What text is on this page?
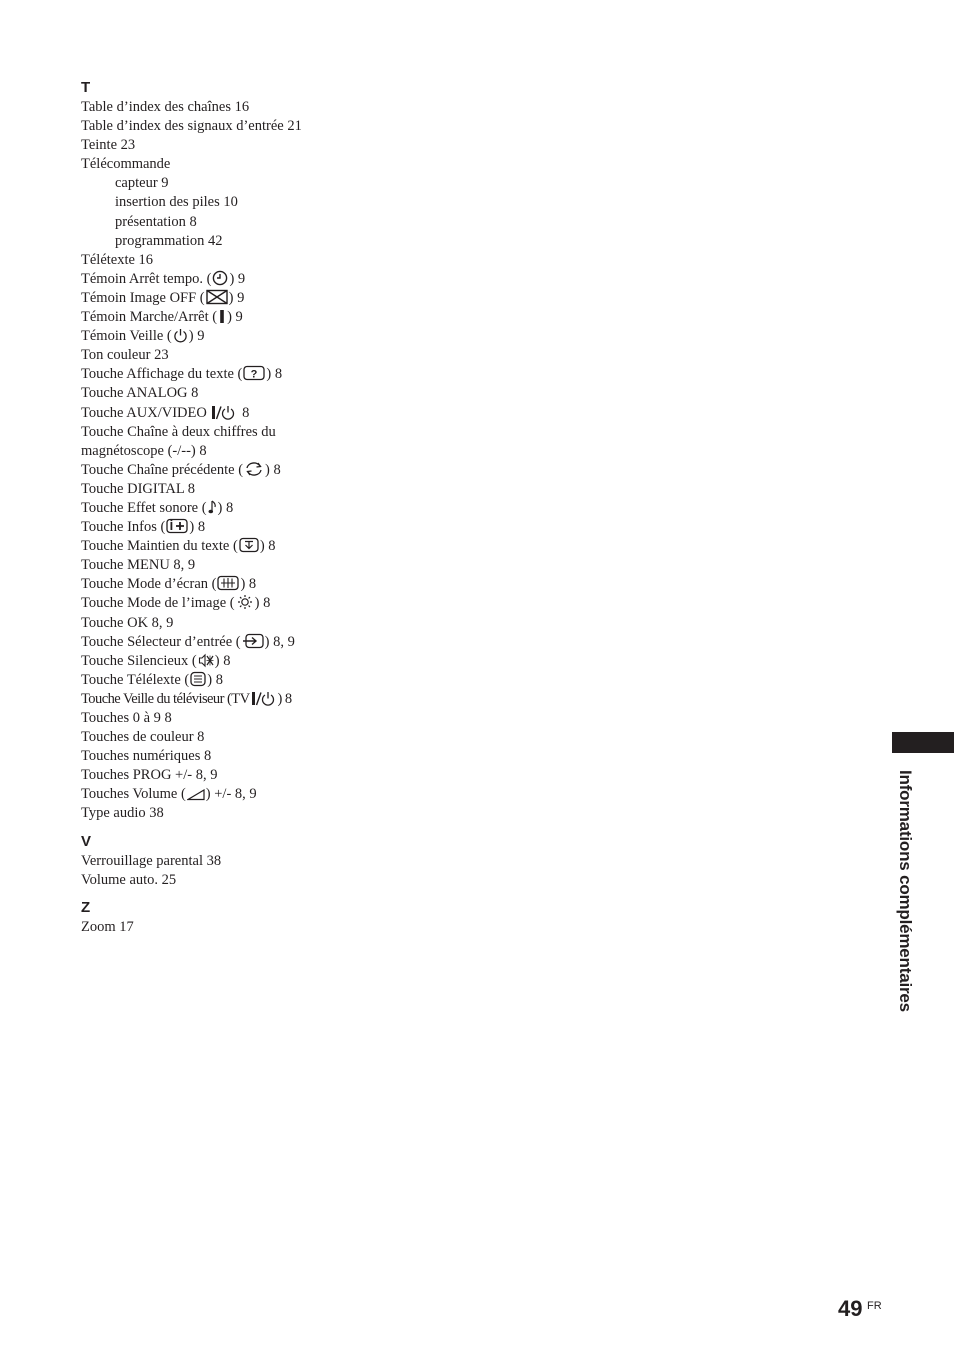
T
Table d’index des chaînes 16
Table d’index des signaux d’entrée 21
Teinte 23
Télécommande
capteur 9
insertion des piles 10
présentation 8
programmation 42
Télétexte 16
Témoin Arrêt tempo. ( ) 9
Témoin Image OFF ( ) 9
Témoin Marche/Arrêt ( ) 9
Témoin Veille ( ) 9
Ton couleur 23
Touche Affichage du texte ( ? ) 8
Touche ANALOG 8
Touche AUX/VIDEO 8
Touche Chaîne à deux chiffres du magnétoscope (-/--) 8
Touche Chaîne précédente ( ) 8
Touche DIGITAL 8
Touche Effet sonore ( ) 8
Touche Infos ( ) 8
Touche Maintien du texte ( ) 8
Touche MENU 8, 9
Touche Mode d’écran ( ) 8
Touche Mode de l’image ( ) 8
Touche OK 8, 9
Touche Sélecteur d’entrée ( ) 8, 9
Touche Silencieux ( ) 8
Touche Télélexte ( ) 8
Touche Veille du téléviseur (TV ) 8
Touches 0 à 9 8
Touches de couleur 8
Touches numériques 8
Touches PROG +/- 8, 9
Touches Volume ( ) +/- 8, 9
Type audio 38
V
Verrouillage parental 38
Volume auto. 25
Z
Zoom 17	Informations complémentaires
49 FR
